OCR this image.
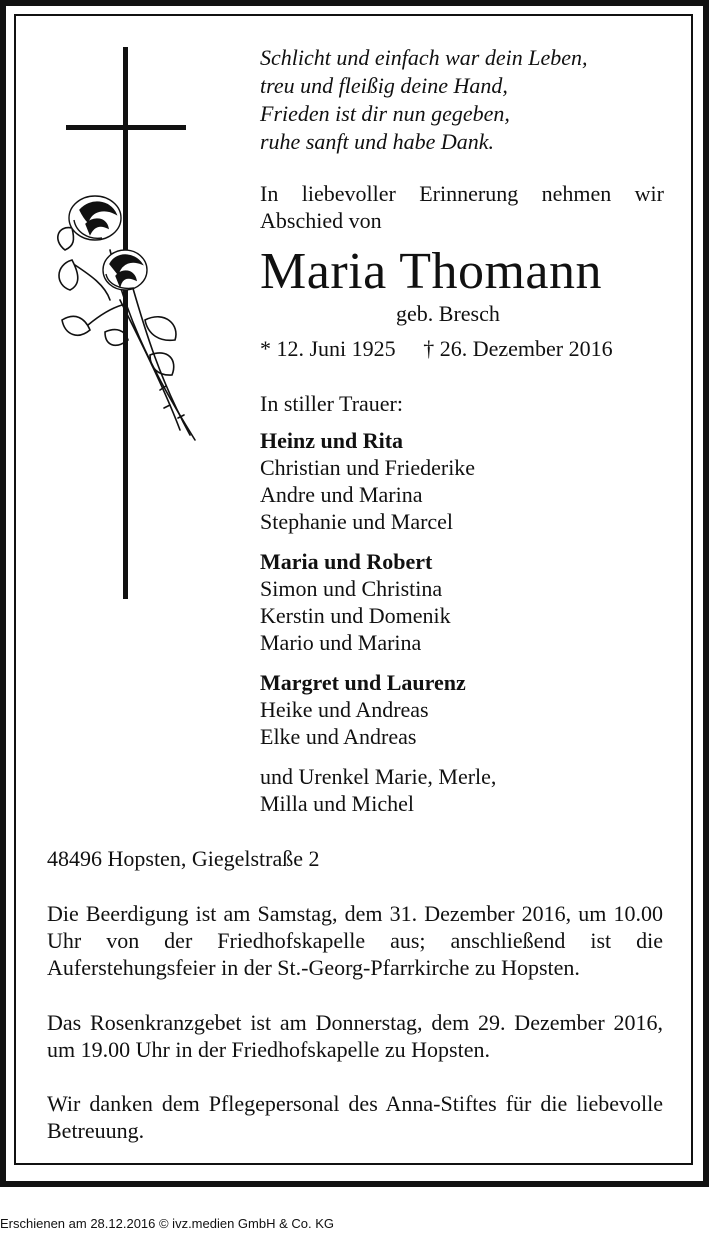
Schlicht und einfach war dein Leben,
treu und fleißig deine Hand,
Frieden ist dir nun gegeben,
ruhe sanft und habe Dank.
In liebevoller Erinnerung nehmen wir Abschied von
Maria Thomann
geb. Bresch
* 12. Juni 1925 † 26. Dezember 2016
In stiller Trauer:
Heinz und Rita
Christian und Friederike
Andre und Marina
Stephanie und Marcel
Maria und Robert
Simon und Christina
Kerstin und Domenik
Mario und Marina
Margret und Laurenz
Heike und Andreas
Elke und Andreas
und Urenkel Marie, Merle,
Milla und Michel
48496 Hopsten, Giegelstraße 2
Die Beerdigung ist am Samstag, dem 31. Dezember 2016, um 10.00 Uhr von der Friedhofskapelle aus; anschließend ist die Auferstehungsfeier in der St.-Georg-Pfarrkirche zu Hopsten.
Das Rosenkranzgebet ist am Donnerstag, dem 29. Dezember 2016, um 19.00 Uhr in der Friedhofskapelle zu Hopsten.
Wir danken dem Pflegepersonal des Anna-Stiftes für die liebevolle Betreuung.
Erschienen am 28.12.2016 © ivz.medien GmbH & Co. KG
